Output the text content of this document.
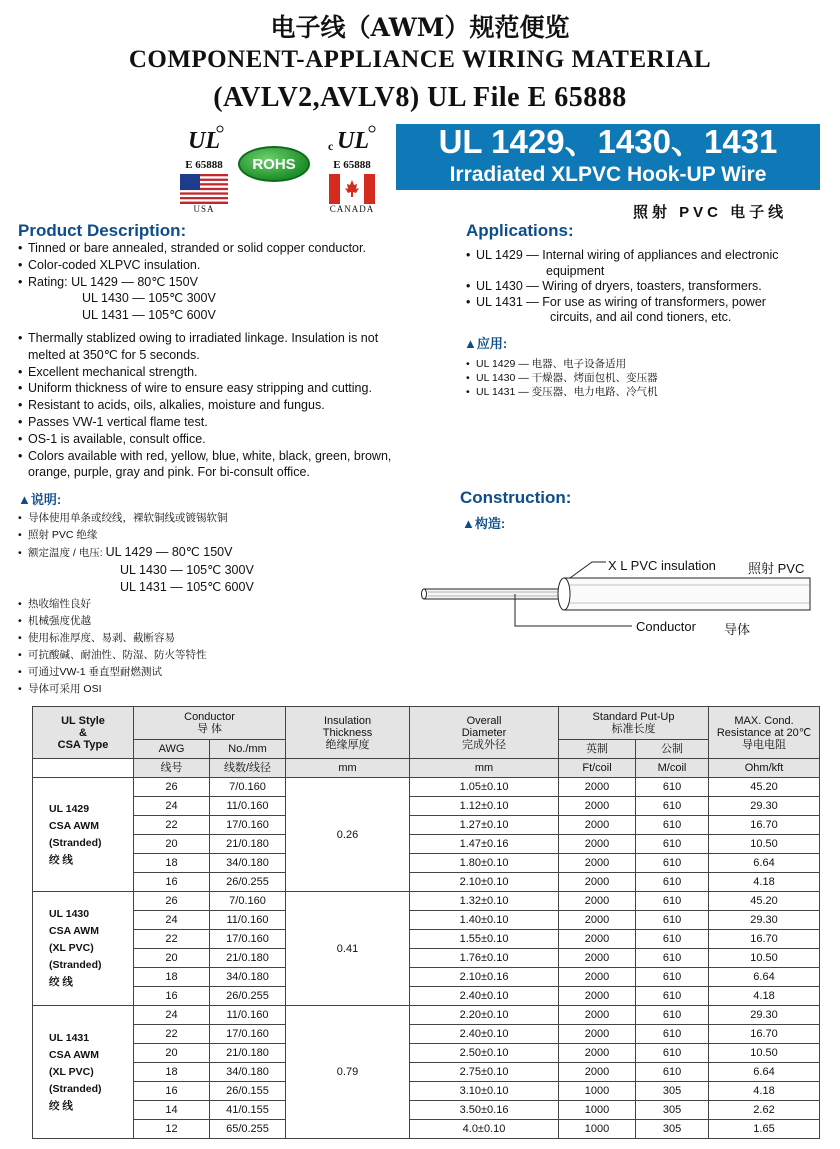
电子线（AWM）规范便览
COMPONENT-APPLIANCE WIRING MATERIAL
(AVLV2,AVLV8) UL File E 65888
UL
E 65888
USA
ROHS
c UL
E 65888
CANADA
UL 1429、1430、1431
Irradiated XLPVC Hook-UP Wire
照射 PVC 电子线
Product Description:
• Tinned or bare annealed, stranded or solid copper conductor.
• Color-coded XLPVC insulation.
• Rating: UL 1429 — 80℃ 150V
UL 1430 — 105℃ 300V
UL 1431 — 105℃ 600V
• Thermally stablized owing to irradiated linkage. Insulation is not
melted at 350℃ for 5 seconds.
• Excellent mechanical strength.
• Uniform thickness of wire to ensure easy stripping and cutting.
• Resistant to acids, oils, alkalies, moisture and fungus.
• Passes VW-1 vertical flame test.
• OS-1 is available, consult office.
• Colors available with red, yellow, blue, white, black, green, brown,
orange, purple, gray and pink. For bi-consult office.
▲说明:
• 导体使用单条或绞线，裸软铜线或镀锡软铜
• 照射 PVC 绝缘
• 额定温度 / 电压: UL 1429 — 80℃ 150V
UL 1430 — 105℃ 300V
UL 1431 — 105℃ 600V
• 热收缩性良好
• 机械强度优越
• 使用标准厚度、易剥、截断容易
• 可抗酸碱、耐油性、防湿、防火等特性
• 可通过VW-1 垂直型耐燃测试
• 导体可采用 OSI
Applications:
• UL 1429 — Internal wiring of appliances and electronic
equipment
• UL 1430 — Wiring of dryers, toasters, transformers.
• UL 1431 — For use as wiring of transformers, power
circuits, and ail cond tioners, etc.
▲应用:
• UL 1429 — 电器、电子设备适用
• UL 1430 — 干燥器、烤面包机、变压器
• UL 1431 — 变压器、电力电路、冷气机
Construction:
▲构造:
X L PVC insulation 照射 PVC
Conductor 导体
UL Style
&
CSA Type	Conductor
导 体		Insulation
Thickness
绝缘厚度	Overall
Diameter
完成外径	Standard Put-Up
标准长度		MAX. Cond.
Resistance at 20℃
导电电阻

	AWG	No./mm			英制	公制	
	线号	线数/线径	mm	mm	Ft/coil	M/coil	Ohm/kft

UL 1429
CSA AWM
(Stranded)
绞 线	26	7/0.160	0.26	1.05±0.10	2000	610	45.20
	24	11/0.160		1.12±0.10	2000	610	29.30
	22	17/0.160		1.27±0.10	2000	610	16.70
	20	21/0.180		1.47±0.16	2000	610	10.50
	18	34/0.180		1.80±0.10	2000	610	6.64
	16	26/0.255		2.10±0.10	2000	610	4.18

UL 1430
CSA AWM
(XL PVC)
(Stranded)
绞 线	26	7/0.160	0.41	1.32±0.10	2000	610	45.20
	24	11/0.160		1.40±0.10	2000	610	29.30
	22	17/0.160		1.55±0.10	2000	610	16.70
	20	21/0.180		1.76±0.10	2000	610	10.50
	18	34/0.180		2.10±0.16	2000	610	6.64
	16	26/0.255		2.40±0.10	2000	610	4.18

UL 1431
CSA AWM
(XL PVC)
(Stranded)
绞 线	24	11/0.160	0.79	2.20±0.10	2000	610	29.30
	22	17/0.160		2.40±0.10	2000	610	16.70
	20	21/0.180		2.50±0.10	2000	610	10.50
	18	34/0.180		2.75±0.10	2000	610	6.64
	16	26/0.155		3.10±0.10	1000	305	4.18
	14	41/0.155		3.50±0.16	1000	305	2.62
	12	65/0.255		4.0±0.10	1000	305	1.65
